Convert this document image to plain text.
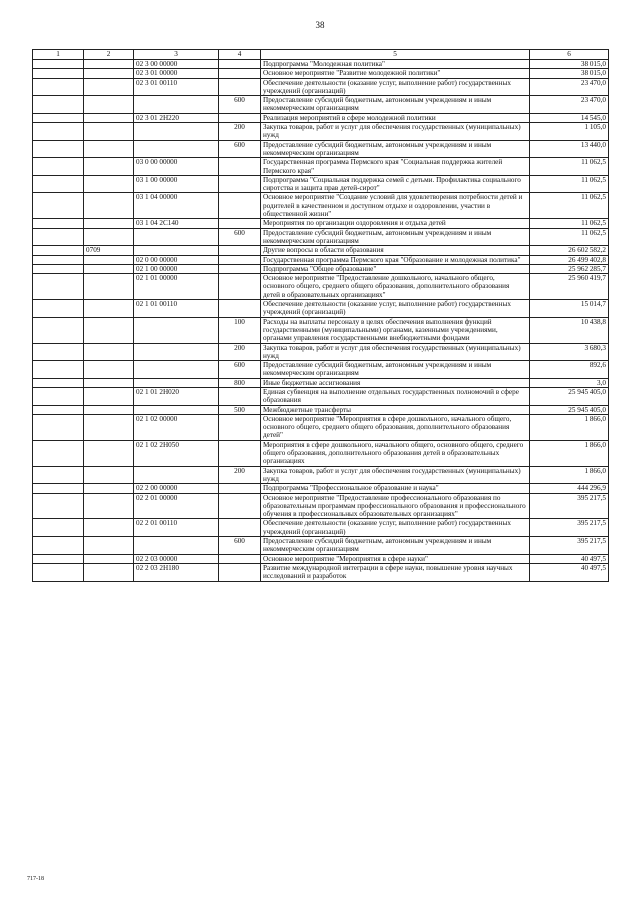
38
1	2	3	4	5	6
		02 3 00 00000		Подпрограмма "Молодежная политика"	38 015,0
		02 3 01 00000		Основное мероприятие "Развитие молодежной политики"	38 015,0
		02 3 01 00110		Обеспечение деятельности (оказание услуг, выполнение работ) государственных учреждений (организаций)	23 470,0
			600	Предоставление субсидий бюджетным, автономным учреждениям и иным некоммерческим организациям	23 470,0
		02 3 01 2Н220		Реализация мероприятий в сфере молодежной политики	14 545,0
			200	Закупка товаров, работ и услуг для обеспечения государственных (муниципальных) нужд	1 105,0
			600	Предоставление субсидий бюджетным, автономным учреждениям и иным некоммерческим организациям	13 440,0
		03 0 00 00000		Государственная программа Пермского края "Социальная поддержка жителей Пермского края"	11 062,5
		03 1 00 00000		Подпрограмма "Социальная поддержка семей с детьми. Профилактика социального сиротства и защита прав детей-сирот"	11 062,5
		03 1 04 00000		Основное мероприятие "Создание условий для удовлетворения потребности детей и родителей в качественном и доступном отдыхе и оздоровлении, участии в общественной жизни"	11 062,5
		03 1 04 2С140		Мероприятия по организации оздоровления и отдыха детей	11 062,5
			600	Предоставление субсидий бюджетным, автономным учреждениям и иным некоммерческим организациям	11 062,5
	0709			Другие вопросы в области образования	26 602 582,2
		02 0 00 00000		Государственная программа Пермского края "Образование и молодежная политика"	26 499 402,8
		02 1 00 00000		Подпрограмма "Общее образование"	25 962 285,7
		02 1 01 00000		Основное мероприятие "Предоставление дошкольного, начального общего, основного общего, среднего общего образования, дополнительного образования детей в образовательных организациях"	25 960 419,7
		02 1 01 00110		Обеспечение деятельности (оказание услуг, выполнение работ) государственных учреждений (организаций)	15 014,7
			100	Расходы на выплаты персоналу в целях обеспечения выполнения функций государственными (муниципальными) органами, казенными учреждениями, органами управления государственными внебюджетными фондами	10 438,8
			200	Закупка товаров, работ и услуг для обеспечения государственных (муниципальных) нужд	3 680,3
			600	Предоставление субсидий бюджетным, автономным учреждениям и иным некоммерческим организациям	892,6
			800	Иные бюджетные ассигнования	3,0
		02 1 01 2Н020		Единая субвенция на выполнение отдельных государственных полномочий в сфере образования	25 945 405,0
			500	Межбюджетные трансферты	25 945 405,0
		02 1 02 00000		Основное мероприятие "Мероприятия в сфере дошкольного, начального общего, основного общего, среднего общего образования, дополнительного образования детей"	1 866,0
		02 1 02 2Н050		Мероприятия в сфере дошкольного, начального общего, основного общего, среднего общего образования, дополнительного образования детей в образовательных организациях	1 866,0
			200	Закупка товаров, работ и услуг для обеспечения государственных (муниципальных) нужд	1 866,0
		02 2 00 00000		Подпрограмма "Профессиональное образование и наука"	444 296,9
		02 2 01 00000		Основное мероприятие "Предоставление профессионального образования по образовательным программам профессионального образования и профессионального обучения в профессиональных образовательных организациях"	395 217,5
		02 2 01 00110		Обеспечение деятельности (оказание услуг, выполнение работ) государственных учреждений (организаций)	395 217,5
			600	Предоставление субсидий бюджетным, автономным учреждениям и иным некоммерческим организациям	395 217,5
		02 2 03 00000		Основное мероприятие "Мероприятия в сфере науки"	40 497,5
		02 2 03 2Н180		Развитие международной интеграции в сфере науки, повышение уровня научных исследований и разработок	40 497,5
717-18
